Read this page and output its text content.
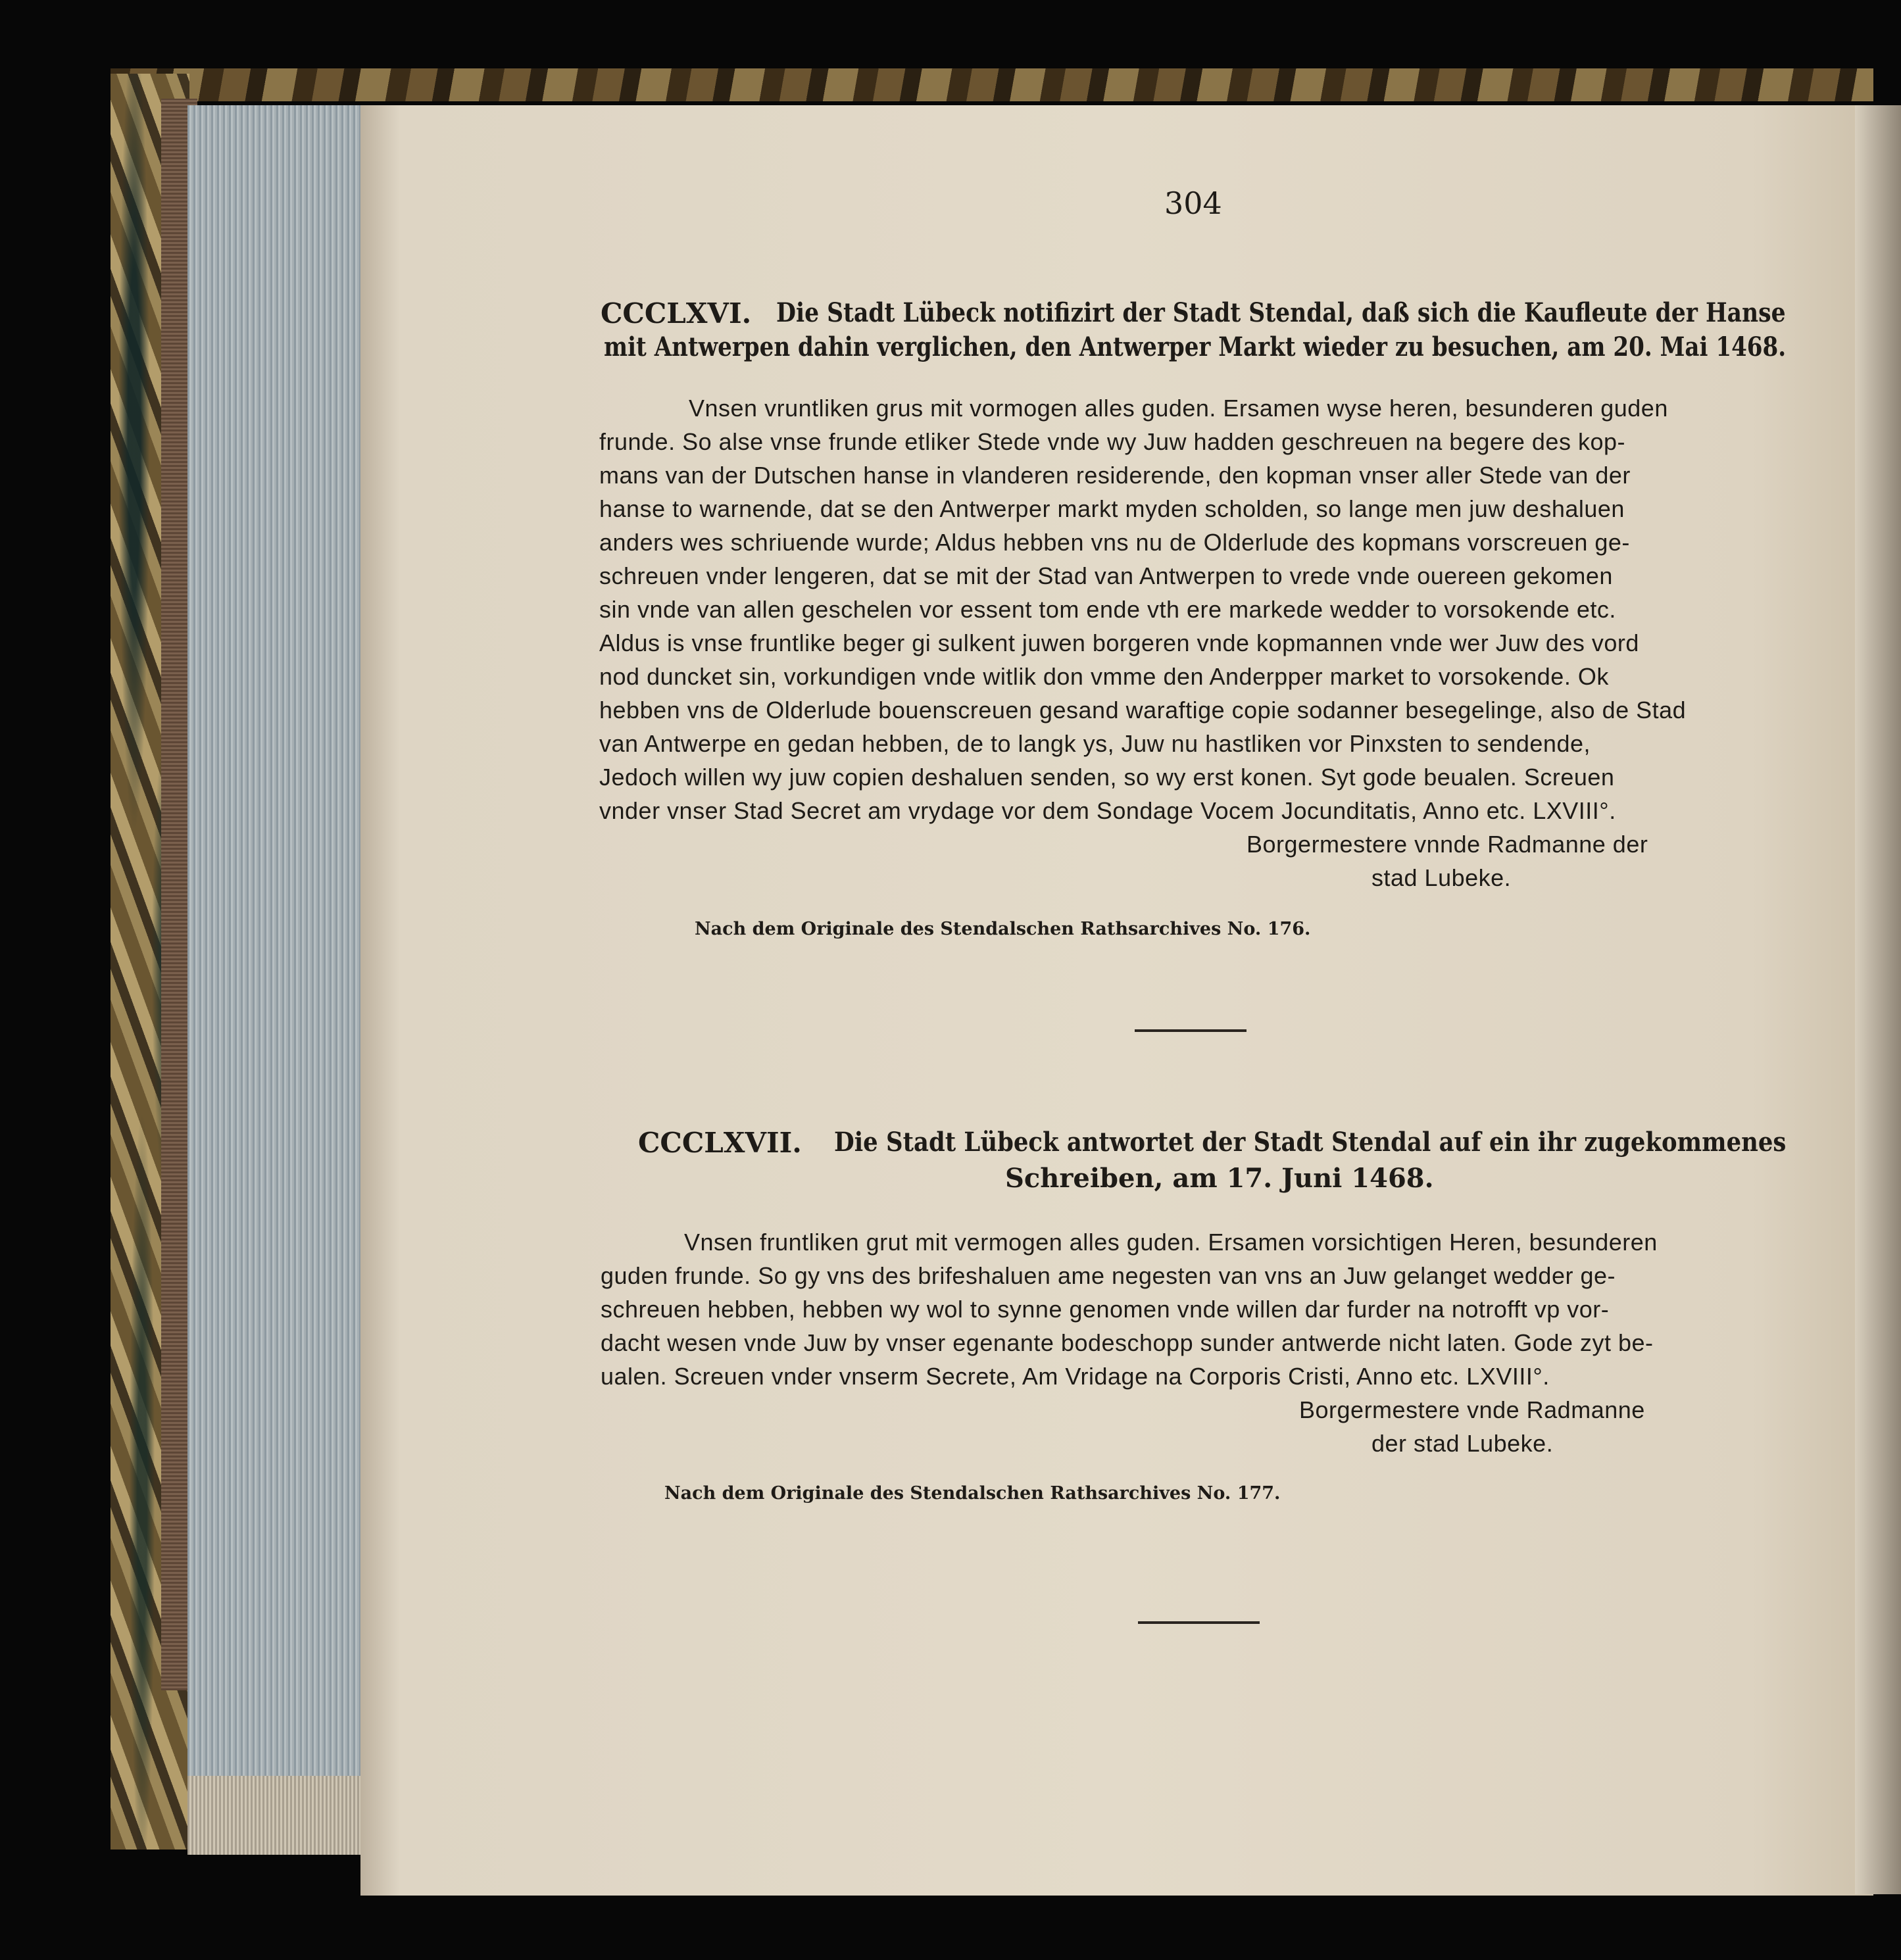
304
CCCLXVI. Die Stadt Lübeck notifizirt der Stadt Stendal, daß sich die Kaufleute der Hanse
mit Antwerpen dahin verglichen, den Antwerper Markt wieder zu besuchen, am 20. Mai 1468.
Vnsen vruntliken grus mit vormogen alles guden. Ersamen wyse heren, besunderen guden
frunde. So alse vnse frunde etliker Stede vnde wy Juw hadden geschreuen na begere des kop-
mans van der Dutschen hanse in vlanderen residerende, den kopman vnser aller Stede van der
hanse to warnende, dat se den Antwerper markt myden scholden, so lange men juw deshaluen
anders wes schriuende wurde; Aldus hebben vns nu de Olderlude des kopmans vorscreuen ge-
schreuen vnder lengeren, dat se mit der Stad van Antwerpen to vrede vnde ouereen gekomen
sin vnde van allen geschelen vor essent tom ende vth ere markede wedder to vorsokende etc.
Aldus is vnse fruntlike beger gi sulkent juwen borgeren vnde kopmannen vnde wer Juw des vord
nod duncket sin, vorkundigen vnde witlik don vmme den Anderpper market to vorsokende. Ok
hebben vns de Olderlude bouenscreuen gesand waraftige copie sodanner besegelinge, also de Stad
van Antwerpe en gedan hebben, de to langk ys, Juw nu hastliken vor Pinxsten to sendende,
Jedoch willen wy juw copien deshaluen senden, so wy erst konen. Syt gode beualen. Screuen
vnder vnser Stad Secret am vrydage vor dem Sondage Vocem Jocunditatis, Anno etc. LXVIII°.
Borgermestere vnnde Radmanne der
stad Lubeke.
Nach dem Originale des Stendalschen Rathsarchives No. 176.
CCCLXVII. Die Stadt Lübeck antwortet der Stadt Stendal auf ein ihr zugekommenes
Schreiben, am 17. Juni 1468.
Vnsen fruntliken grut mit vermogen alles guden. Ersamen vorsichtigen Heren, besunderen
guden frunde. So gy vns des brifeshaluen ame negesten van vns an Juw gelanget wedder ge-
schreuen hebben, hebben wy wol to synne genomen vnde willen dar furder na notrofft vp vor-
dacht wesen vnde Juw by vnser egenante bodeschopp sunder antwerde nicht laten. Gode zyt be-
ualen. Screuen vnder vnserm Secrete, Am Vridage na Corporis Cristi, Anno etc. LXVIII°.
Borgermestere vnde Radmanne
der stad Lubeke.
Nach dem Originale des Stendalschen Rathsarchives No. 177.
